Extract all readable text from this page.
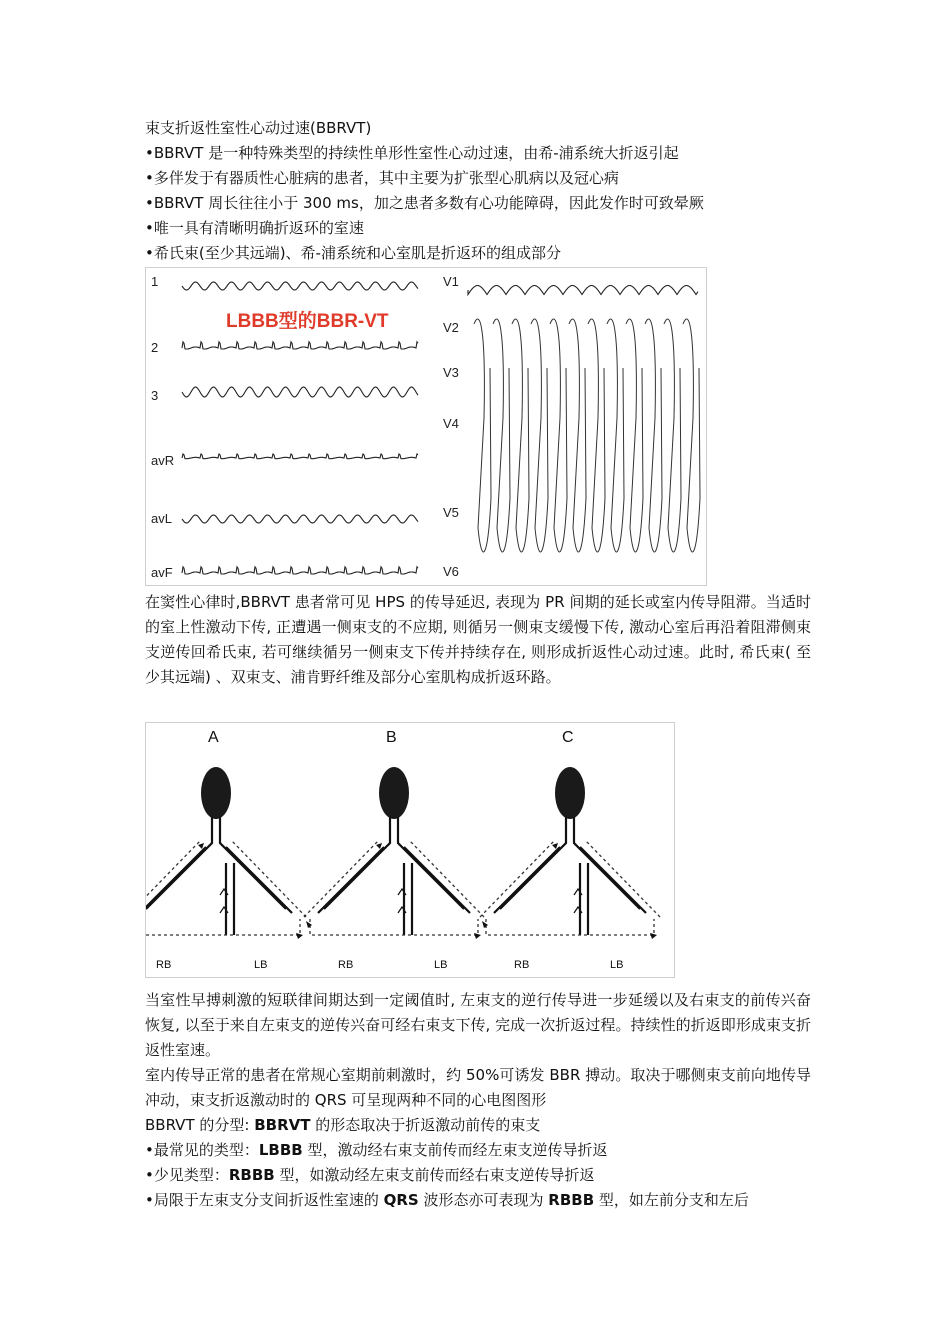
束支折返性室性心动过速(BBRVT)
•BBRVT 是一种特殊类型的持续性单形性室性心动过速，由希-浦系统大折返引起
•多伴发于有器质性心脏病的患者，其中主要为扩张型心肌病以及冠心病
•BBRVT 周长往往小于 300 ms，加之患者多数有心功能障碍，因此发作时可致晕厥
•唯一具有清晰明确折返环的室速
•希氏束(至少其远端)、希-浦系统和心室肌是折返环的组成部分
LBBB型的BBR-VT
1
2
3
avR
avL
avF
V1
V2
V3
V4
V5
V6
在窦性心律时,BBRVT 患者常可见 HPS 的传导延迟, 表现为 PR 间期的延长或室内传导阻滞。当适时的室上性激动下传, 正遭遇一侧束支的不应期, 则循另一侧束支缓慢下传, 激动心室后再沿着阻滞侧束支逆传回希氏束, 若可继续循另一侧束支下传并持续存在, 则形成折返性心动过速。此时, 希氏束( 至少其远端) 、双束支、浦肯野纤维及部分心室肌构成折返环路。
A	B	C
RB	LB	RB	LB	RB	LB
当室性早搏刺激的短联律间期达到一定阈值时, 左束支的逆行传导进一步延缓以及右束支的前传兴奋恢复, 以至于来自左束支的逆传兴奋可经右束支下传, 完成一次折返过程。持续性的折返即形成束支折返性室速。
室内传导正常的患者在常规心室期前刺激时，约 50%可诱发 BBR 搏动。取决于哪侧束支前向地传导冲动，束支折返激动时的 QRS 可呈现两种不同的心电图图形
BBRVT 的分型: BBRVT 的形态取决于折返激动前传的束支
•最常见的类型：LBBB 型，激动经右束支前传而经左束支逆传导折返
•少见类型：RBBB 型，如激动经左束支前传而经右束支逆传导折返
•局限于左束支分支间折返性室速的 QRS 波形态亦可表现为 RBBB 型，如左前分支和左后
